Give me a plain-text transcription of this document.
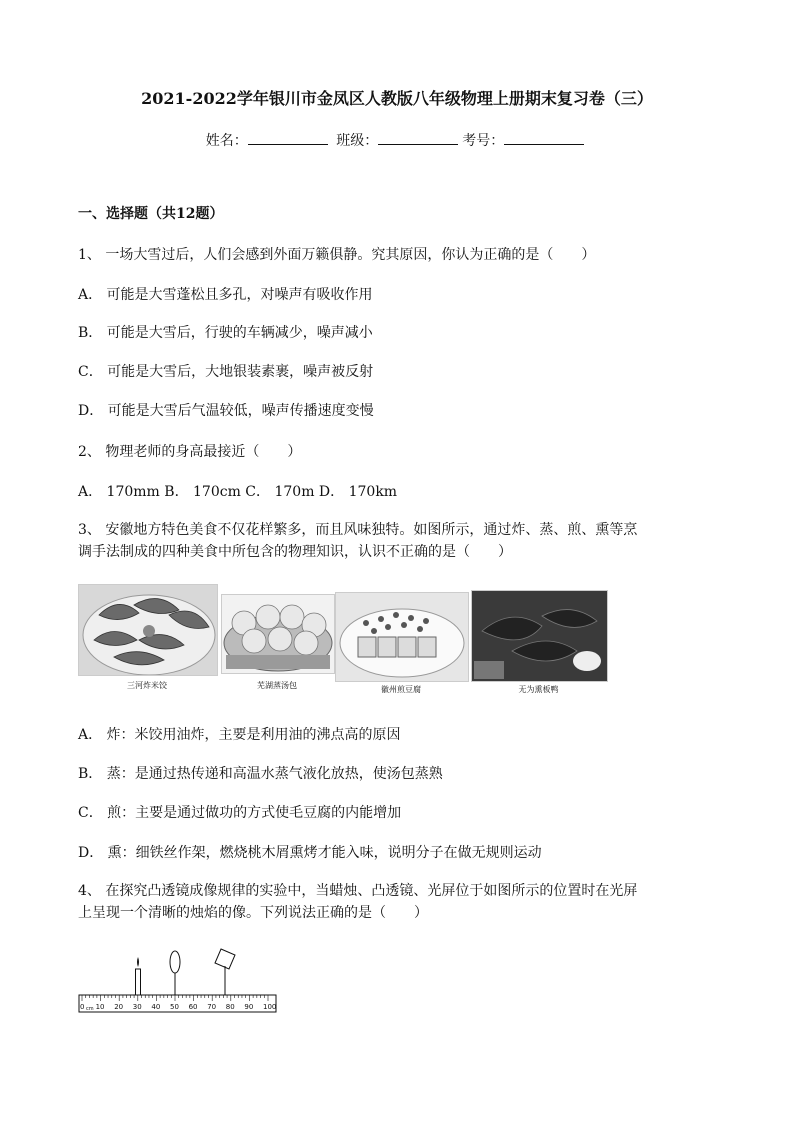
2021-2022学年银川市金凤区人教版八年级物理上册期末复习卷（三）
姓名：	班级：	考号：
一、选择题（共12题）
1、 一场大雪过后，人们会感到外面万籁俱静。究其原因，你认为正确的是（　　）
A． 可能是大雪蓬松且多孔，对噪声有吸收作用
B． 可能是大雪后，行驶的车辆减少，噪声减小
C． 可能是大雪后，大地银装素裹，噪声被反射
D． 可能是大雪后气温较低，噪声传播速度变慢
2、 物理老师的身高最接近（　　）
A． 170mm B． 170cm C． 170m D． 170km
3、 安徽地方特色美食不仅花样繁多，而且风味独特。如图所示，通过炸、蒸、煎、熏等烹
调手法制成的四种美食中所包含的物理知识，认识不正确的是（　　）
三河炸米饺	芜湖蒸汤包	徽州煎豆腐	无为熏板鸭
A． 炸：米饺用油炸，主要是利用油的沸点高的原因
B． 蒸：是通过热传递和高温水蒸气液化放热，使汤包蒸熟
C． 煎：主要是通过做功的方式使毛豆腐的内能增加
D． 熏：细铁丝作架，燃烧桃木屑熏烤才能入味，说明分子在做无规则运动
4、 在探究凸透镜成像规律的实验中，当蜡烛、凸透镜、光屏位于如图所示的位置时在光屏
上呈现一个清晰的烛焰的像。下列说法正确的是（　　）
0 cm 10 20 30 40 50 60 70 80 90 100
